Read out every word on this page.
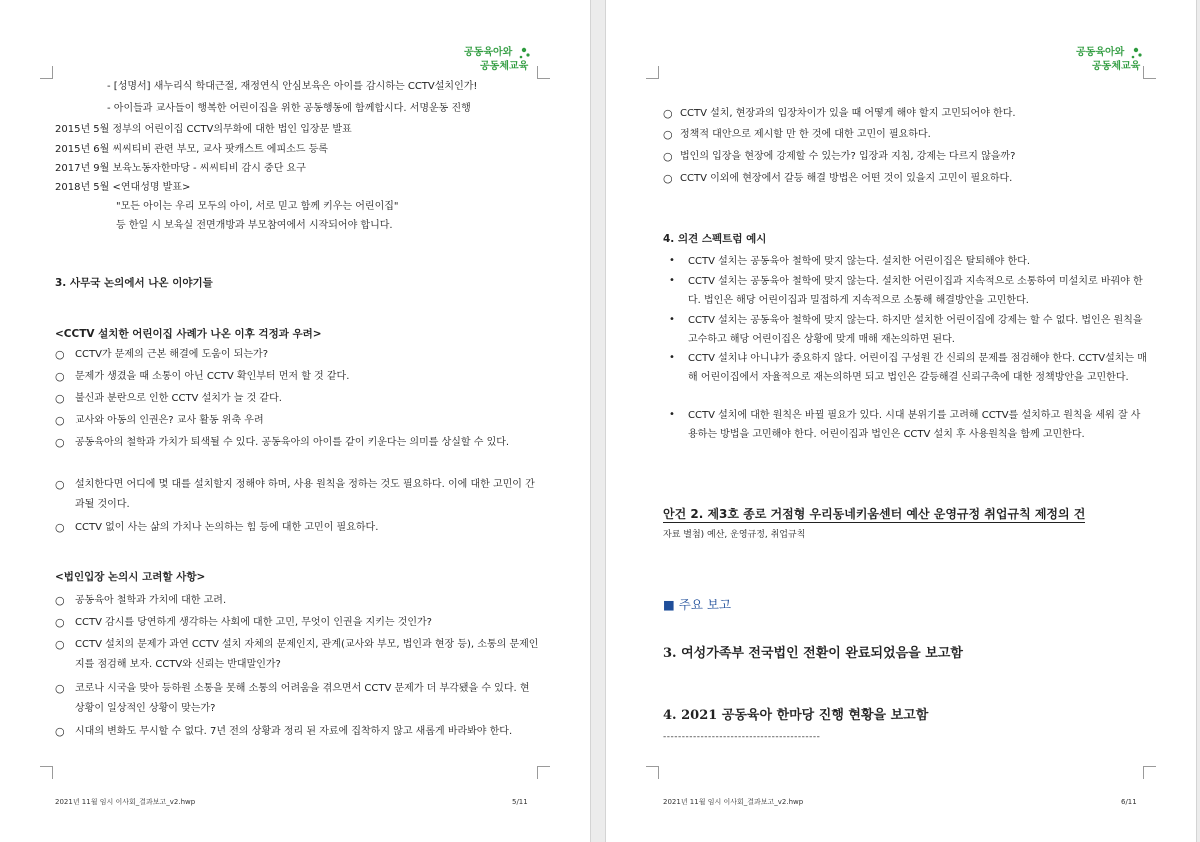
- [성명서] 새누리식 학대근절, 재정연식 안심보육은 아이를 감시하는 CCTV설치인가!
- 아이들과 교사들이 행복한 어린이집을 위한 공동행동에 함께합시다. 서명운동 진행
2015년 5월 정부의 어린이집 CCTV의무화에 대한 법인 입장문 발표
2015년 6월 씨씨티비 관련 부모, 교사 팟캐스트 에피소드 등록
2017년 9월 보육노동자한마당 - 씨씨티비 감시 중단 요구
2018년 5월 <연대성명 발표>
"모든 아이는 우리 모두의 아이, 서로 믿고 함께 키우는 어린이집"
등 한일 시 보육실 전면개방과 부모참여에서 시작되어야 합니다.
3. 사무국 논의에서 나온 이야기들
<CCTV 설치한 어린이집 사례가 나온 이후 걱정과 우려>
○ CCTV가 문제의 근본 해결에 도움이 되는가?
○ 문제가 생겼을 때 소통이 아닌 CCTV 확인부터 먼저 할 것 같다.
○ 불신과 분란으로 인한 CCTV 설치가 늘 것 같다.
○ 교사와 아동의 인권은? 교사 활동 위축 우려
○ 공동육아의 철학과 가치가 퇴색될 수 있다. 공동육아의 아이를 같이 키운다는 의미를 상실할 수 있다.
○ 설치한다면 어디에 몇 대를 설치할지 정해야 하며, 사용 원칙을 정하는 것도 필요하다. 이에 대한 고민이 간과될 것이다.
○ CCTV 없이 사는 삶의 가치나 논의하는 힘 등에 대한 고민이 필요하다.
<법인입장 논의시 고려할 사항>
○ 공동육아 철학과 가치에 대한 고려.
○ CCTV 감시를 당연하게 생각하는 사회에 대한 고민, 무엇이 인권을 지키는 것인가?
○ CCTV 설치의 문제가 과연 CCTV 설치 자체의 문제인지, 관계(교사와 부모, 법인과 현장 등), 소통의 문제인지를 점검해 보자. CCTV와 신뢰는 반대말인가?
○ 코로나 시국을 맞아 등하원 소통을 못해 소통의 어려움을 겪으면서 CCTV 문제가 더 부각됐을 수 있다. 현 상황이 일상적인 상황이 맞는가?
○ 시대의 변화도 무시할 수 없다. 7년 전의 상황과 정리 된 자료에 집착하지 않고 새롭게 바라봐야 한다.
2021년 11월 임시 이사회_결과보고_v2.hwp	5/11
공동육아와
공동체교육
○ CCTV 설치, 현장과의 입장차이가 있을 때 어떻게 해야 할지 고민되어야 한다.
○ 정책적 대안으로 제시할 만 한 것에 대한 고민이 필요하다.
○ 법인의 입장을 현장에 강제할 수 있는가? 입장과 지침, 강제는 다르지 않을까?
○ CCTV 이외에 현장에서 갈등 해결 방법은 어떤 것이 있을지 고민이 필요하다.
4. 의견 스펙트럼 예시
• CCTV 설치는 공동육아 철학에 맞지 않는다. 설치한 어린이집은 탈퇴해야 한다.
• CCTV 설치는 공동육아 철학에 맞지 않는다. 설치한 어린이집과 지속적으로 소통하여 미설치로 바꿔야 한다. 법인은 해당 어린이집과 밀접하게 지속적으로 소통해 해결방안을 고민한다.
• CCTV 설치는 공동육아 철학에 맞지 않는다. 하지만 설치한 어린이집에 강제는 할 수 없다. 법인은 원칙을 고수하고 해당 어린이집은 상황에 맞게 매해 재논의하면 된다.
• CCTV 설치냐 아니냐가 중요하지 않다. 어린이집 구성원 간 신뢰의 문제를 점검해야 한다. CCTV설치는 매해 어린이집에서 자율적으로 재논의하면 되고 법인은 갈등해결 신뢰구축에 대한 정책방안을 고민한다.
• CCTV 설치에 대한 원칙은 바뀔 필요가 있다. 시대 분위기를 고려해 CCTV를 설치하고 원칙을 세워 잘 사용하는 방법을 고민해야 한다. 어린이집과 법인은 CCTV 설치 후 사용원칙을 함께 고민한다.
안건 2. 제3호 종로 거점형 우리동네키움센터 예산 운영규정 취업규칙 제정의 건
자료 별첨) 예산, 운영규정, 취업규칙
■ 주요 보고
3. 여성가족부 전국법인 전환이 완료되었음을 보고함
4. 2021 공동육아 한마당 진행 현황을 보고함
------------------------------------------
2021년 11월 임시 이사회_결과보고_v2.hwp	6/11
공동육아와
공동체교육
